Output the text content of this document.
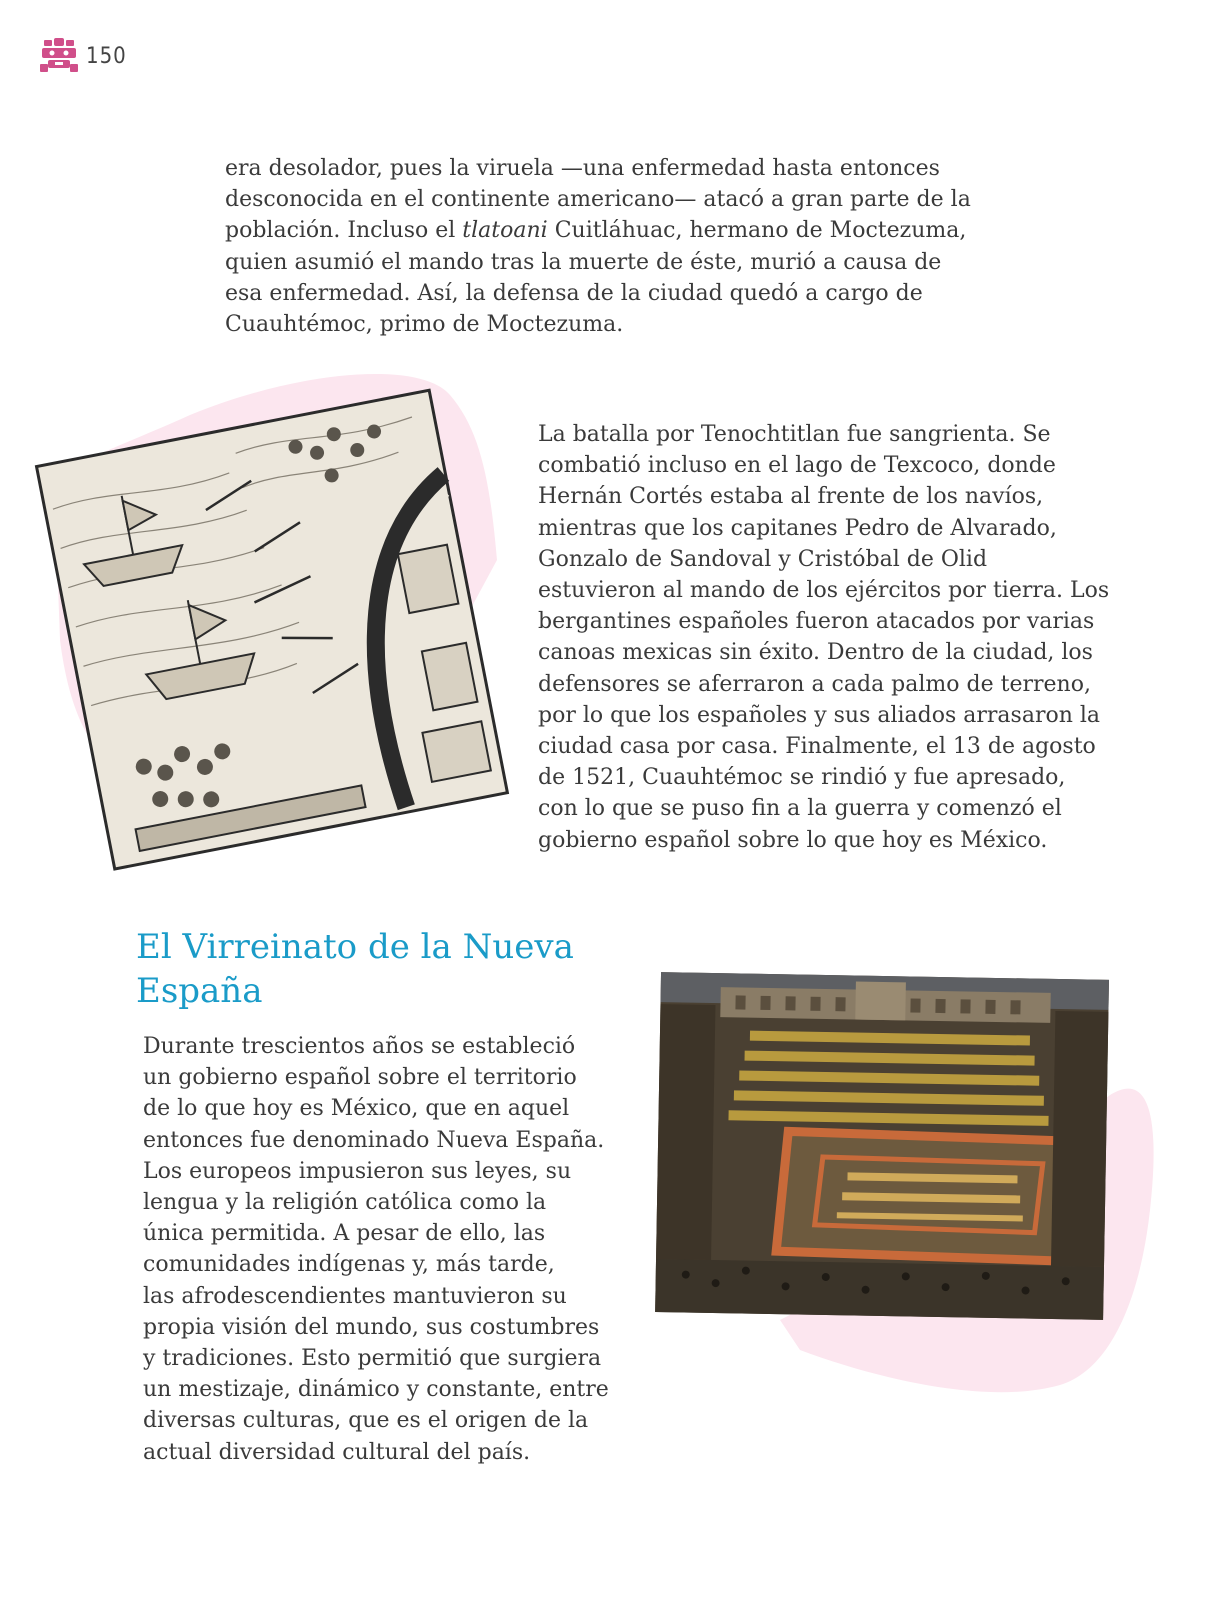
150

era desolador, pues la viruela —una enfermedad hasta entonces
desconocida en el continente americano— atacó a gran parte de la
población. Incluso el tlatoani Cuitláhuac, hermano de Moctezuma,
quien asumió el mando tras la muerte de éste, murió a causa de
esa enfermedad. Así, la defensa de la ciudad quedó a cargo de
Cuauhtémoc, primo de Moctezuma.

La batalla por Tenochtitlan fue sangrienta. Se
combatió incluso en el lago de Texcoco, donde
Hernán Cortés estaba al frente de los navíos,
mientras que los capitanes Pedro de Alvarado,
Gonzalo de Sandoval y Cristóbal de Olid
estuvieron al mando de los ejércitos por tierra. Los
bergantines españoles fueron atacados por varias
canoas mexicas sin éxito. Dentro de la ciudad, los
defensores se aferraron a cada palmo de terreno,
por lo que los españoles y sus aliados arrasaron la
ciudad casa por casa. Finalmente, el 13 de agosto
de 1521, Cuauhtémoc se rindió y fue apresado,
con lo que se puso fin a la guerra y comenzó el
gobierno español sobre lo que hoy es México.

El Virreinato de la Nueva
España

Durante trescientos años se estableció
un gobierno español sobre el territorio
de lo que hoy es México, que en aquel
entonces fue denominado Nueva España.
Los europeos impusieron sus leyes, su
lengua y la religión católica como la
única permitida. A pesar de ello, las
comunidades indígenas y, más tarde,
las afrodescendientes mantuvieron su
propia visión del mundo, sus costumbres
y tradiciones. Esto permitió que surgiera
un mestizaje, dinámico y constante, entre
diversas culturas, que es el origen de la
actual diversidad cultural del país.
